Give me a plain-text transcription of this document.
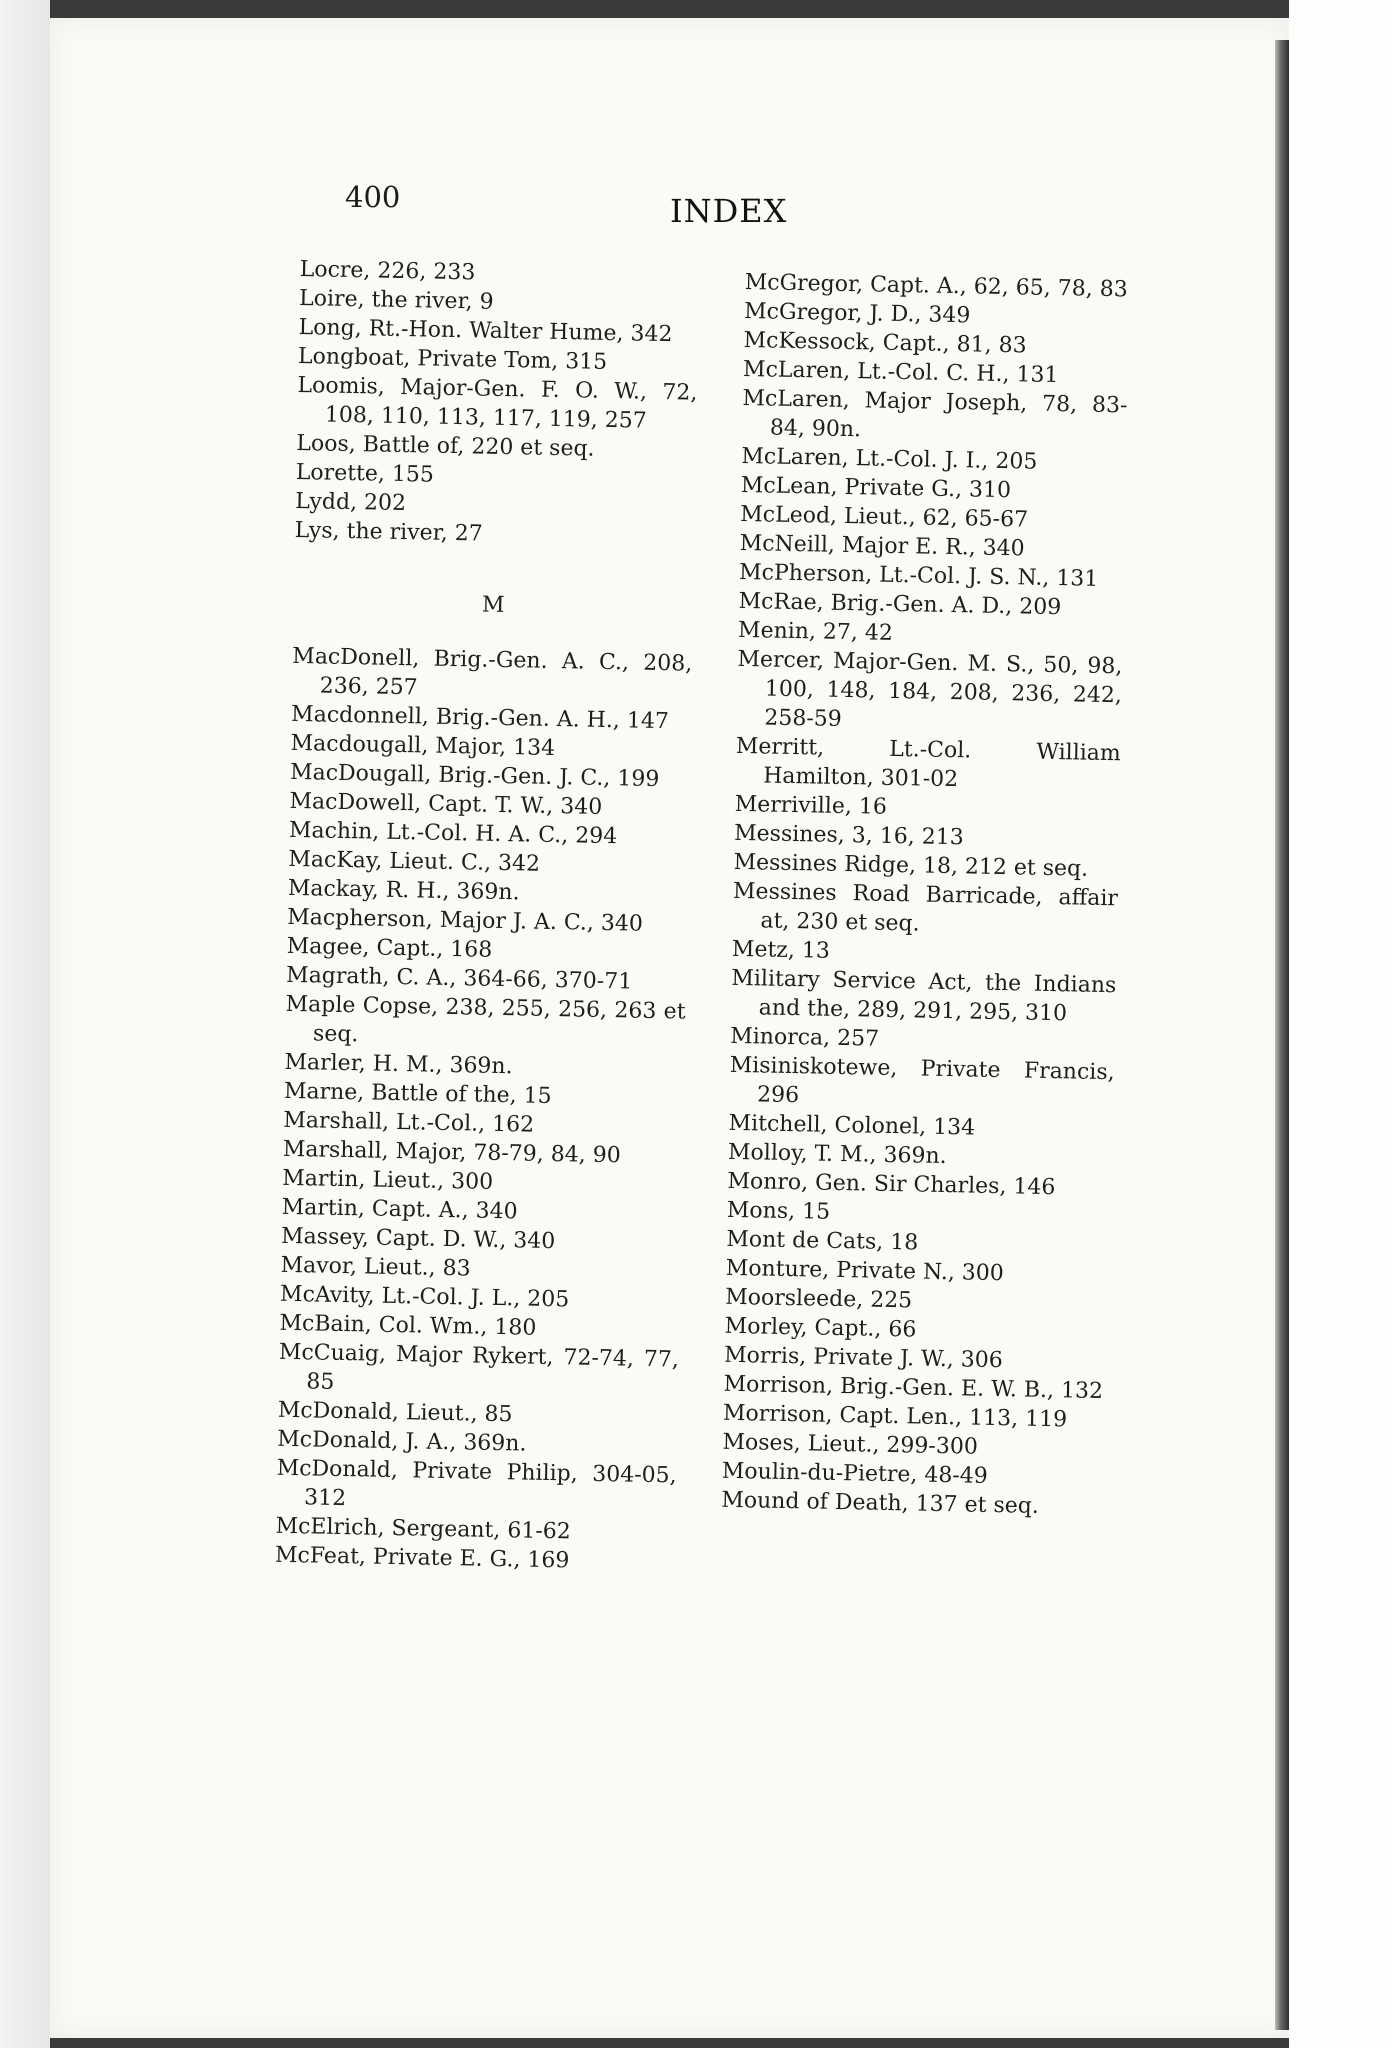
400	INDEX
Locre, 226, 233
Loire, the river, 9
Long, Rt.-Hon. Walter Hume, 342
Longboat, Private Tom, 315
Loomis, Major-Gen. F. O. W., 72, 108, 110, 113, 117, 119, 257
Loos, Battle of, 220 et seq.
Lorette, 155
Lydd, 202
Lys, the river, 27
M
MacDonell, Brig.-Gen. A. C., 208, 236, 257
Macdonnell, Brig.-Gen. A. H., 147
Macdougall, Major, 134
MacDougall, Brig.-Gen. J. C., 199
MacDowell, Capt. T. W., 340
Machin, Lt.-Col. H. A. C., 294
MacKay, Lieut. C., 342
Mackay, R. H., 369n.
Macpherson, Major J. A. C., 340
Magee, Capt., 168
Magrath, C. A., 364-66, 370-71
Maple Copse, 238, 255, 256, 263 et seq.
Marler, H. M., 369n.
Marne, Battle of the, 15
Marshall, Lt.-Col., 162
Marshall, Major, 78-79, 84, 90
Martin, Lieut., 300
Martin, Capt. A., 340
Massey, Capt. D. W., 340
Mavor, Lieut., 83
McAvity, Lt.-Col. J. L., 205
McBain, Col. Wm., 180
McCuaig, Major Rykert, 72-74, 77, 85
McDonald, Lieut., 85
McDonald, J. A., 369n.
McDonald, Private Philip, 304-05, 312
McElrich, Sergeant, 61-62
McFeat, Private E. G., 169
McGregor, Capt. A., 62, 65, 78, 83
McGregor, J. D., 349
McKessock, Capt., 81, 83
McLaren, Lt.-Col. C. H., 131
McLaren, Major Joseph, 78, 83-84, 90n.
McLaren, Lt.-Col. J. I., 205
McLean, Private G., 310
McLeod, Lieut., 62, 65-67
McNeill, Major E. R., 340
McPherson, Lt.-Col. J. S. N., 131
McRae, Brig.-Gen. A. D., 209
Menin, 27, 42
Mercer, Major-Gen. M. S., 50, 98, 100, 148, 184, 208, 236, 242, 258-59
Merritt, Lt.-Col. William Hamilton, 301-02
Merriville, 16
Messines, 3, 16, 213
Messines Ridge, 18, 212 et seq.
Messines Road Barricade, affair at, 230 et seq.
Metz, 13
Military Service Act, the Indians and the, 289, 291, 295, 310
Minorca, 257
Misiniskotewe, Private Francis, 296
Mitchell, Colonel, 134
Molloy, T. M., 369n.
Monro, Gen. Sir Charles, 146
Mons, 15
Mont de Cats, 18
Monture, Private N., 300
Moorsleede, 225
Morley, Capt., 66
Morris, Private J. W., 306
Morrison, Brig.-Gen. E. W. B., 132
Morrison, Capt. Len., 113, 119
Moses, Lieut., 299-300
Moulin-du-Pietre, 48-49
Mound of Death, 137 et seq.
